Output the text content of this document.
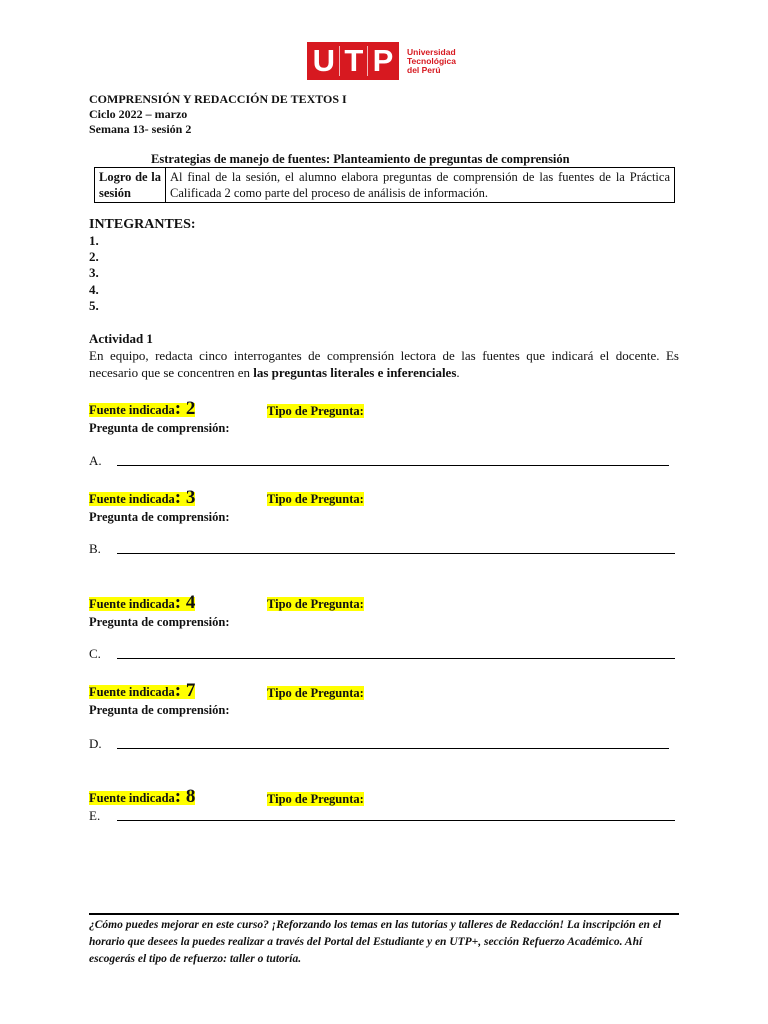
U T P Universidad
Tecnológica
del Perú
COMPRENSIÓN Y REDACCIÓN DE TEXTOS I
Ciclo 2022 – marzo
Semana 13- sesión 2
Estrategias de manejo de fuentes: Planteamiento de preguntas de comprensión
Logro de la sesión	Al final de la sesión, el alumno elabora preguntas de comprensión de las fuentes de la Práctica Calificada 2 como parte del proceso de análisis de información.
INTEGRANTES:
1.
2.
3.
4.
5.
Actividad 1
En equipo, redacta cinco interrogantes de comprensión lectora de las fuentes que indicará el docente. Es necesario que se concentren en las preguntas literales e inferenciales.
Fuente indicada: 2	Tipo de Pregunta:
Pregunta de comprensión:
A.
Fuente indicada: 3	Tipo de Pregunta:
Pregunta de comprensión:
B.
Fuente indicada: 4	Tipo de Pregunta:
Pregunta de comprensión:
C.
Fuente indicada: 7	Tipo de Pregunta:
Pregunta de comprensión:
D.
Fuente indicada: 8	Tipo de Pregunta:
E.
¿Cómo puedes mejorar en este curso? ¡Reforzando los temas en las tutorías y talleres de Redacción! La inscripción en el horario que desees la puedes realizar a través del Portal del Estudiante y en UTP+, sección Refuerzo Académico. Ahí escogerás el tipo de refuerzo: taller o tutoría.
